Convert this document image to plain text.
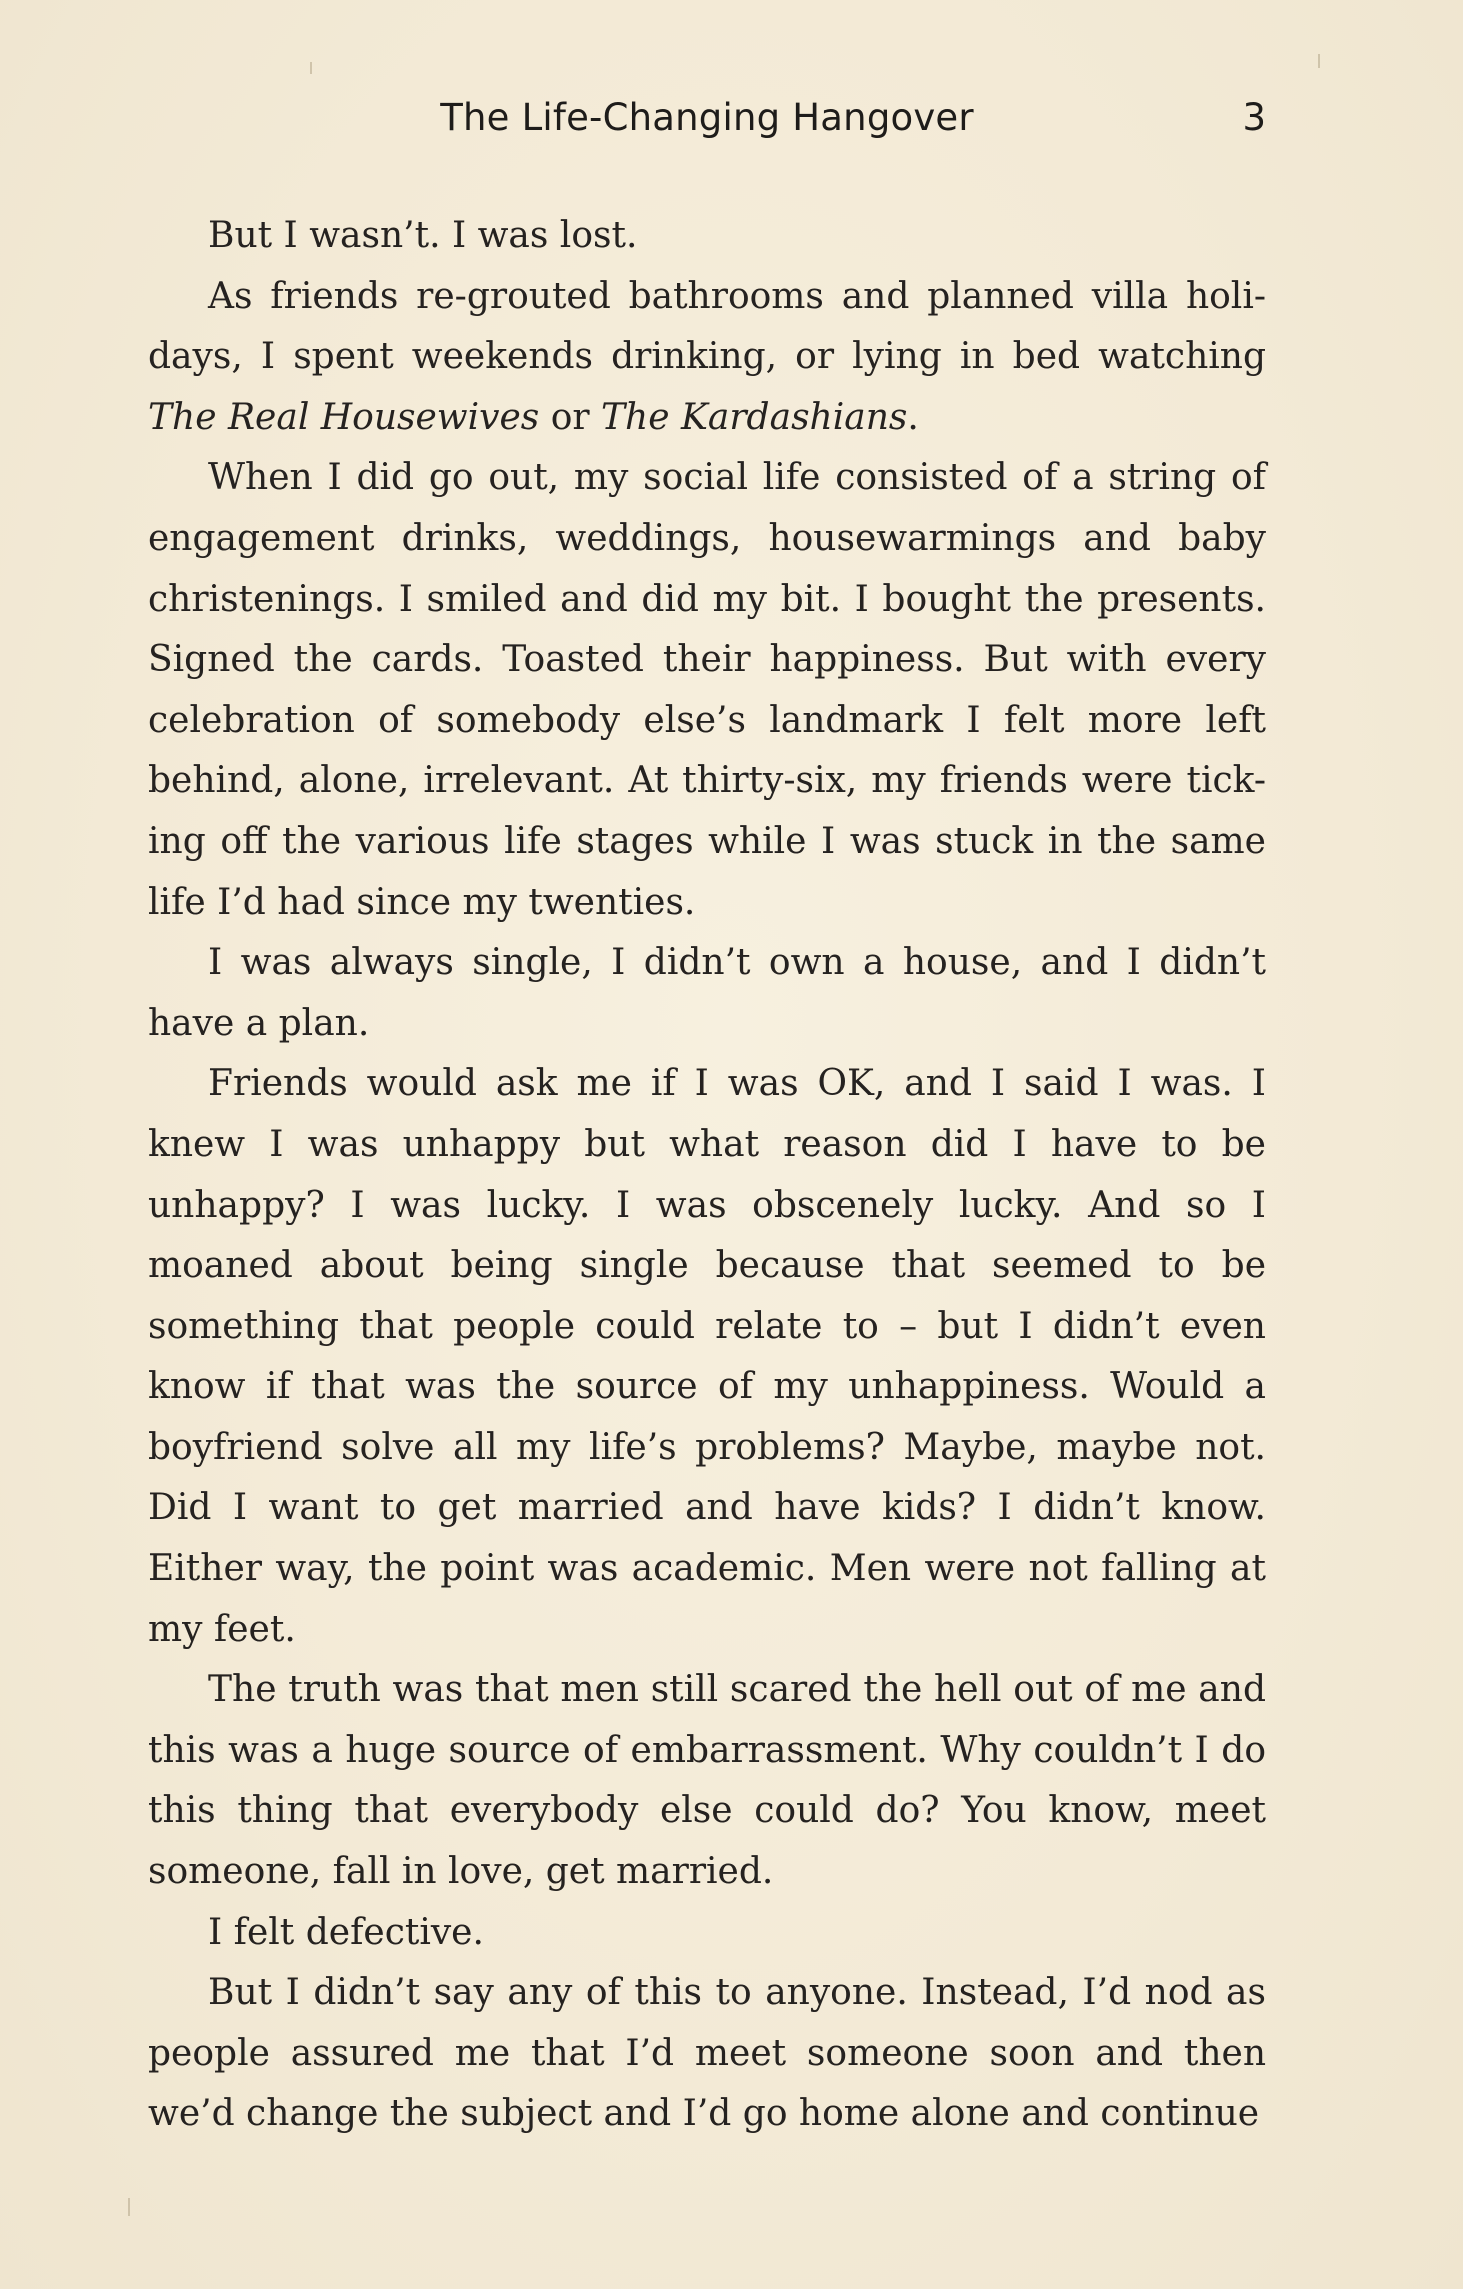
The Life-Changing Hangover	3

But I wasn’t. I was lost.

As friends re-grouted bathrooms and planned villa holi-days, I spent weekends drinking, or lying in bed watching The Real Housewives or The Kardashians.

When I did go out, my social life consisted of a string of engagement drinks, weddings, housewarmings and baby christenings. I smiled and did my bit. I bought the presents. Signed the cards. Toasted their happiness. But with every celebration of somebody else’s landmark I felt more left behind, alone, irrelevant. At thirty-six, my friends were tick-ing off the various life stages while I was stuck in the same life I’d had since my twenties.

I was always single, I didn’t own a house, and I didn’t have a plan.

Friends would ask me if I was OK, and I said I was. I knew I was unhappy but what reason did I have to be unhappy? I was lucky. I was obscenely lucky. And so I moaned about being single because that seemed to be something that people could relate to – but I didn’t even know if that was the source of my unhappiness. Would a boyfriend solve all my life’s problems? Maybe, maybe not. Did I want to get married and have kids? I didn’t know. Either way, the point was academic. Men were not falling at my feet.

The truth was that men still scared the hell out of me and this was a huge source of embarrassment. Why couldn’t I do this thing that everybody else could do? You know, meet someone, fall in love, get married.

I felt defective.

But I didn’t say any of this to anyone. Instead, I’d nod as people assured me that I’d meet someone soon and then we’d change the subject and I’d go home alone and continue
